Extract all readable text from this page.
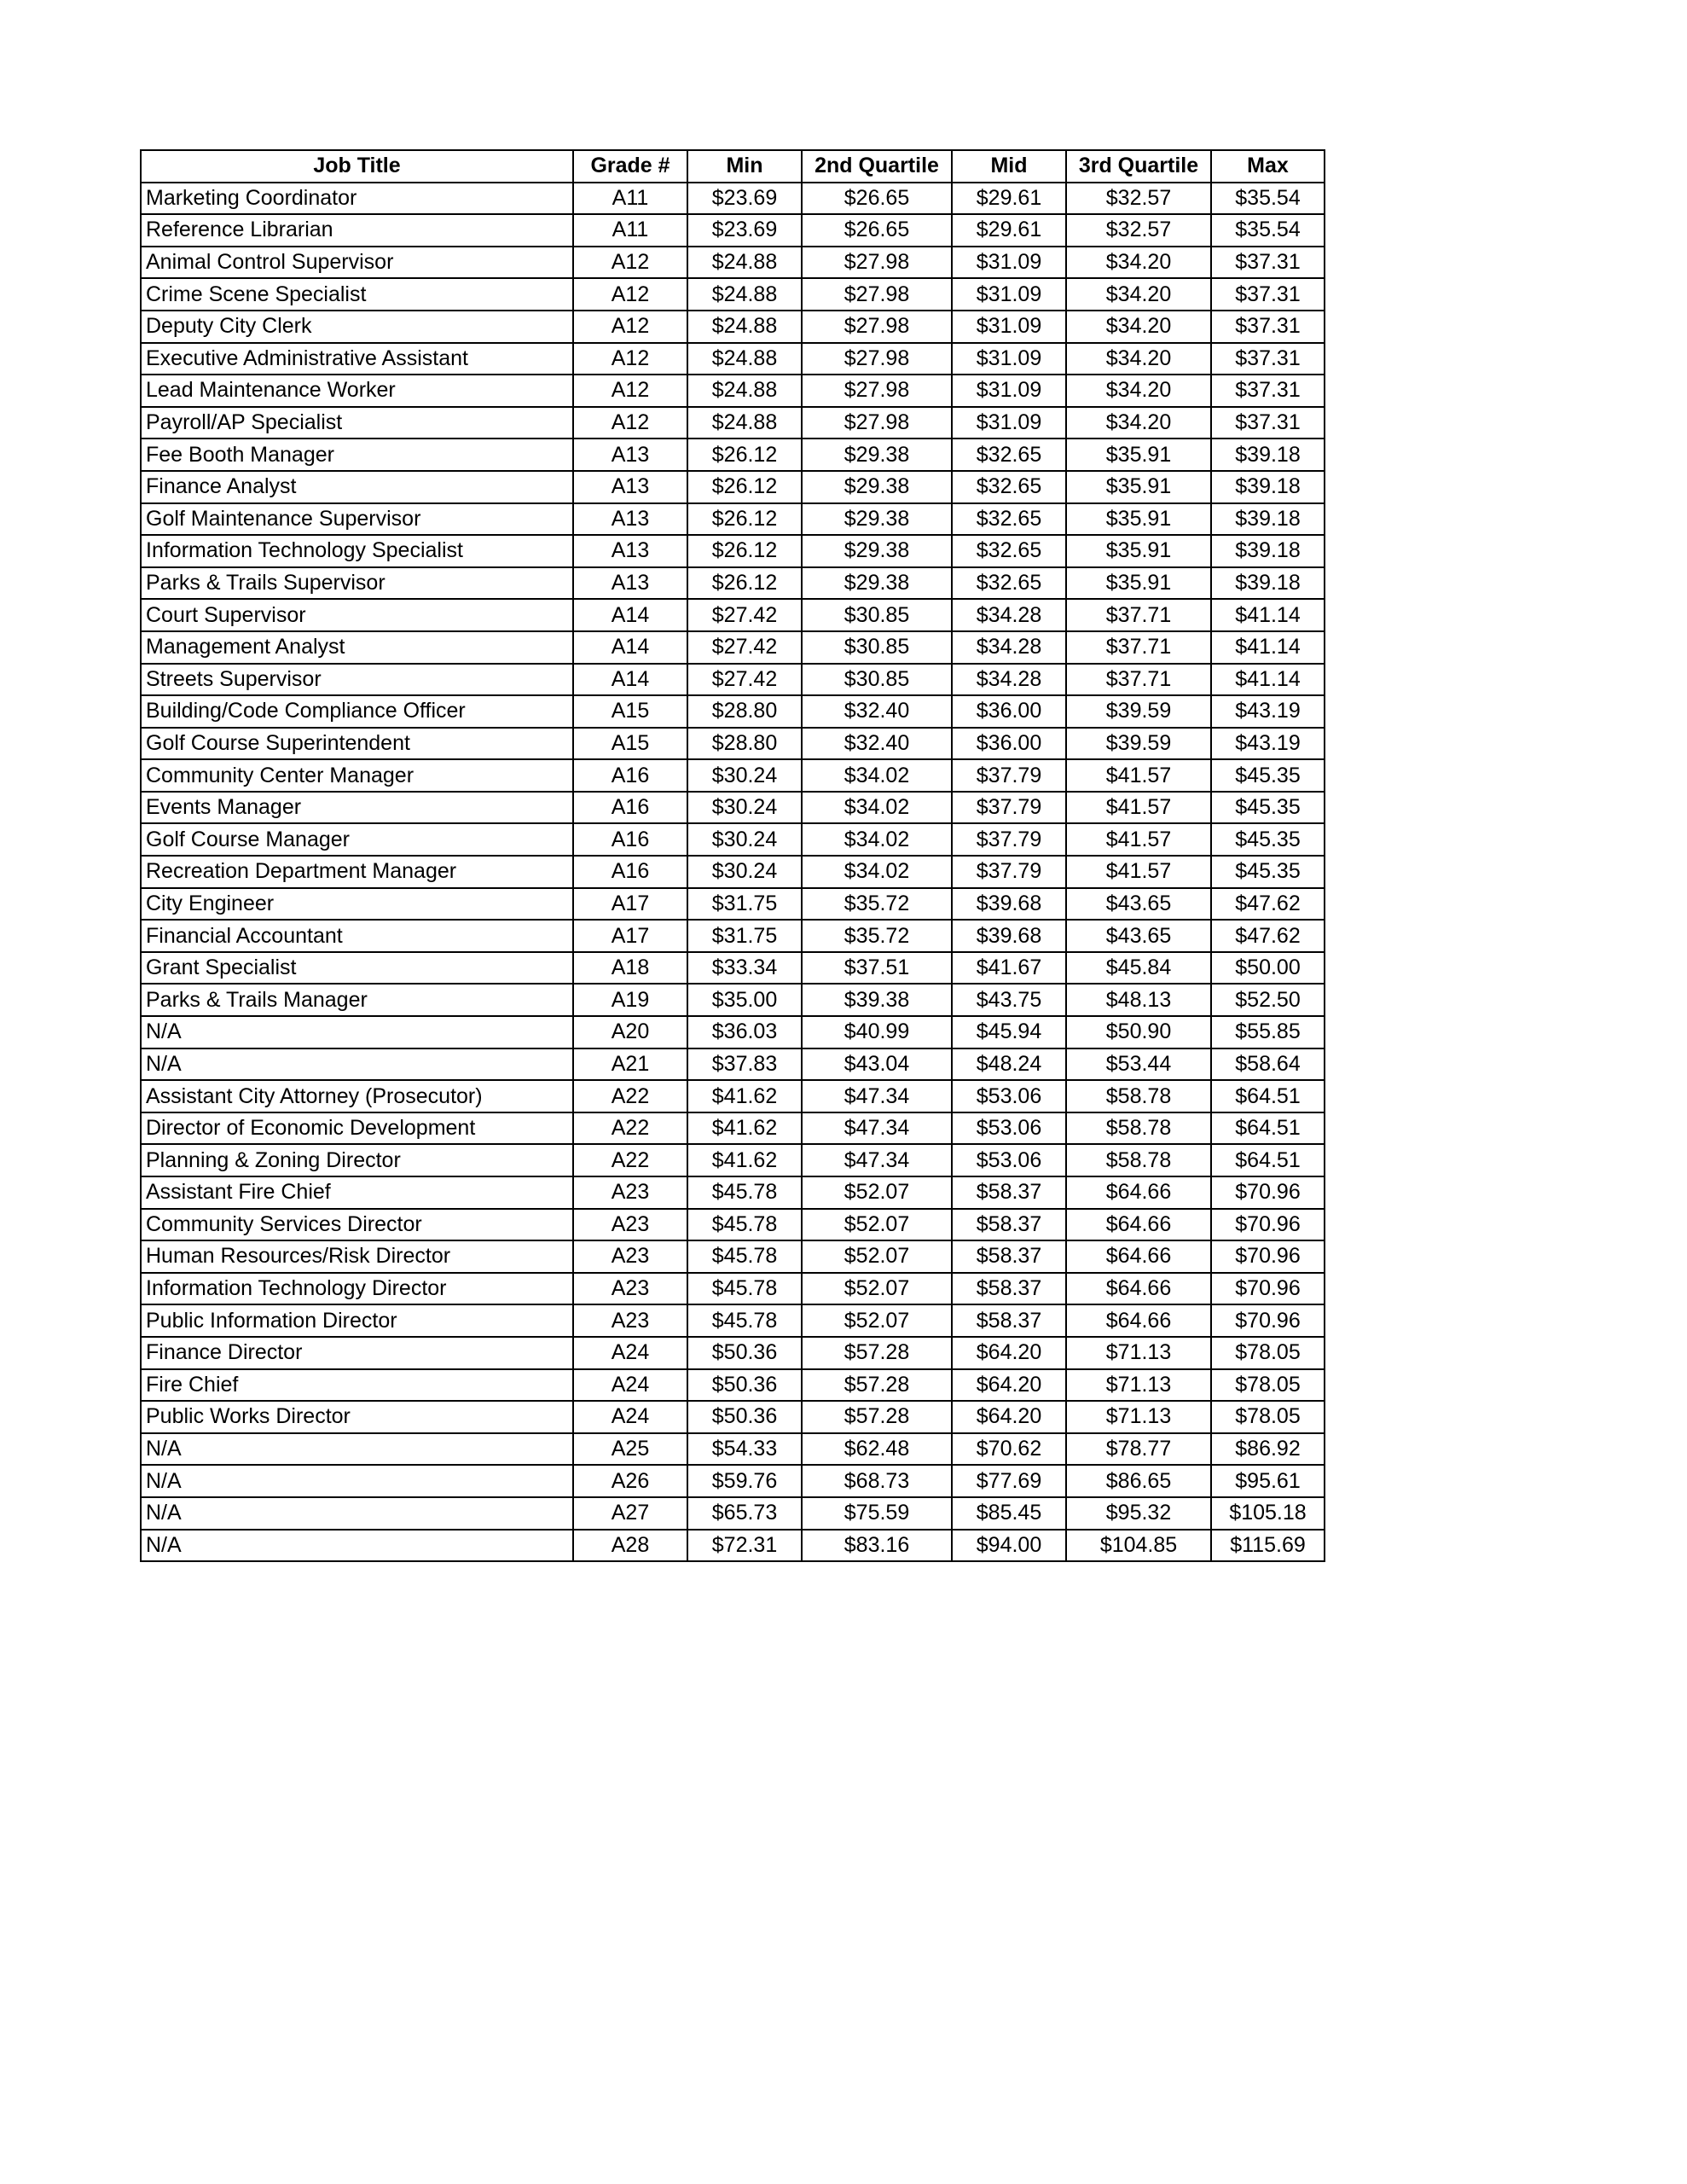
Job Title	Grade #	Min	2nd Quartile	Mid	3rd Quartile	Max
Marketing Coordinator	A11	$23.69	$26.65	$29.61	$32.57	$35.54
Reference Librarian	A11	$23.69	$26.65	$29.61	$32.57	$35.54
Animal Control Supervisor	A12	$24.88	$27.98	$31.09	$34.20	$37.31
Crime Scene Specialist	A12	$24.88	$27.98	$31.09	$34.20	$37.31
Deputy City Clerk	A12	$24.88	$27.98	$31.09	$34.20	$37.31
Executive Administrative Assistant	A12	$24.88	$27.98	$31.09	$34.20	$37.31
Lead Maintenance Worker	A12	$24.88	$27.98	$31.09	$34.20	$37.31
Payroll/AP Specialist	A12	$24.88	$27.98	$31.09	$34.20	$37.31
Fee Booth Manager	A13	$26.12	$29.38	$32.65	$35.91	$39.18
Finance Analyst	A13	$26.12	$29.38	$32.65	$35.91	$39.18
Golf Maintenance Supervisor	A13	$26.12	$29.38	$32.65	$35.91	$39.18
Information Technology Specialist	A13	$26.12	$29.38	$32.65	$35.91	$39.18
Parks & Trails Supervisor	A13	$26.12	$29.38	$32.65	$35.91	$39.18
Court Supervisor	A14	$27.42	$30.85	$34.28	$37.71	$41.14
Management Analyst	A14	$27.42	$30.85	$34.28	$37.71	$41.14
Streets Supervisor	A14	$27.42	$30.85	$34.28	$37.71	$41.14
Building/Code Compliance Officer	A15	$28.80	$32.40	$36.00	$39.59	$43.19
Golf Course Superintendent	A15	$28.80	$32.40	$36.00	$39.59	$43.19
Community Center Manager	A16	$30.24	$34.02	$37.79	$41.57	$45.35
Events Manager	A16	$30.24	$34.02	$37.79	$41.57	$45.35
Golf Course Manager	A16	$30.24	$34.02	$37.79	$41.57	$45.35
Recreation Department Manager	A16	$30.24	$34.02	$37.79	$41.57	$45.35
City Engineer	A17	$31.75	$35.72	$39.68	$43.65	$47.62
Financial Accountant	A17	$31.75	$35.72	$39.68	$43.65	$47.62
Grant Specialist	A18	$33.34	$37.51	$41.67	$45.84	$50.00
Parks & Trails Manager	A19	$35.00	$39.38	$43.75	$48.13	$52.50
N/A	A20	$36.03	$40.99	$45.94	$50.90	$55.85
N/A	A21	$37.83	$43.04	$48.24	$53.44	$58.64
Assistant City Attorney (Prosecutor)	A22	$41.62	$47.34	$53.06	$58.78	$64.51
Director of Economic Development	A22	$41.62	$47.34	$53.06	$58.78	$64.51
Planning & Zoning Director	A22	$41.62	$47.34	$53.06	$58.78	$64.51
Assistant Fire Chief	A23	$45.78	$52.07	$58.37	$64.66	$70.96
Community Services Director	A23	$45.78	$52.07	$58.37	$64.66	$70.96
Human Resources/Risk Director	A23	$45.78	$52.07	$58.37	$64.66	$70.96
Information Technology Director	A23	$45.78	$52.07	$58.37	$64.66	$70.96
Public Information Director	A23	$45.78	$52.07	$58.37	$64.66	$70.96
Finance Director	A24	$50.36	$57.28	$64.20	$71.13	$78.05
Fire Chief	A24	$50.36	$57.28	$64.20	$71.13	$78.05
Public Works Director	A24	$50.36	$57.28	$64.20	$71.13	$78.05
N/A	A25	$54.33	$62.48	$70.62	$78.77	$86.92
N/A	A26	$59.76	$68.73	$77.69	$86.65	$95.61
N/A	A27	$65.73	$75.59	$85.45	$95.32	$105.18
N/A	A28	$72.31	$83.16	$94.00	$104.85	$115.69
